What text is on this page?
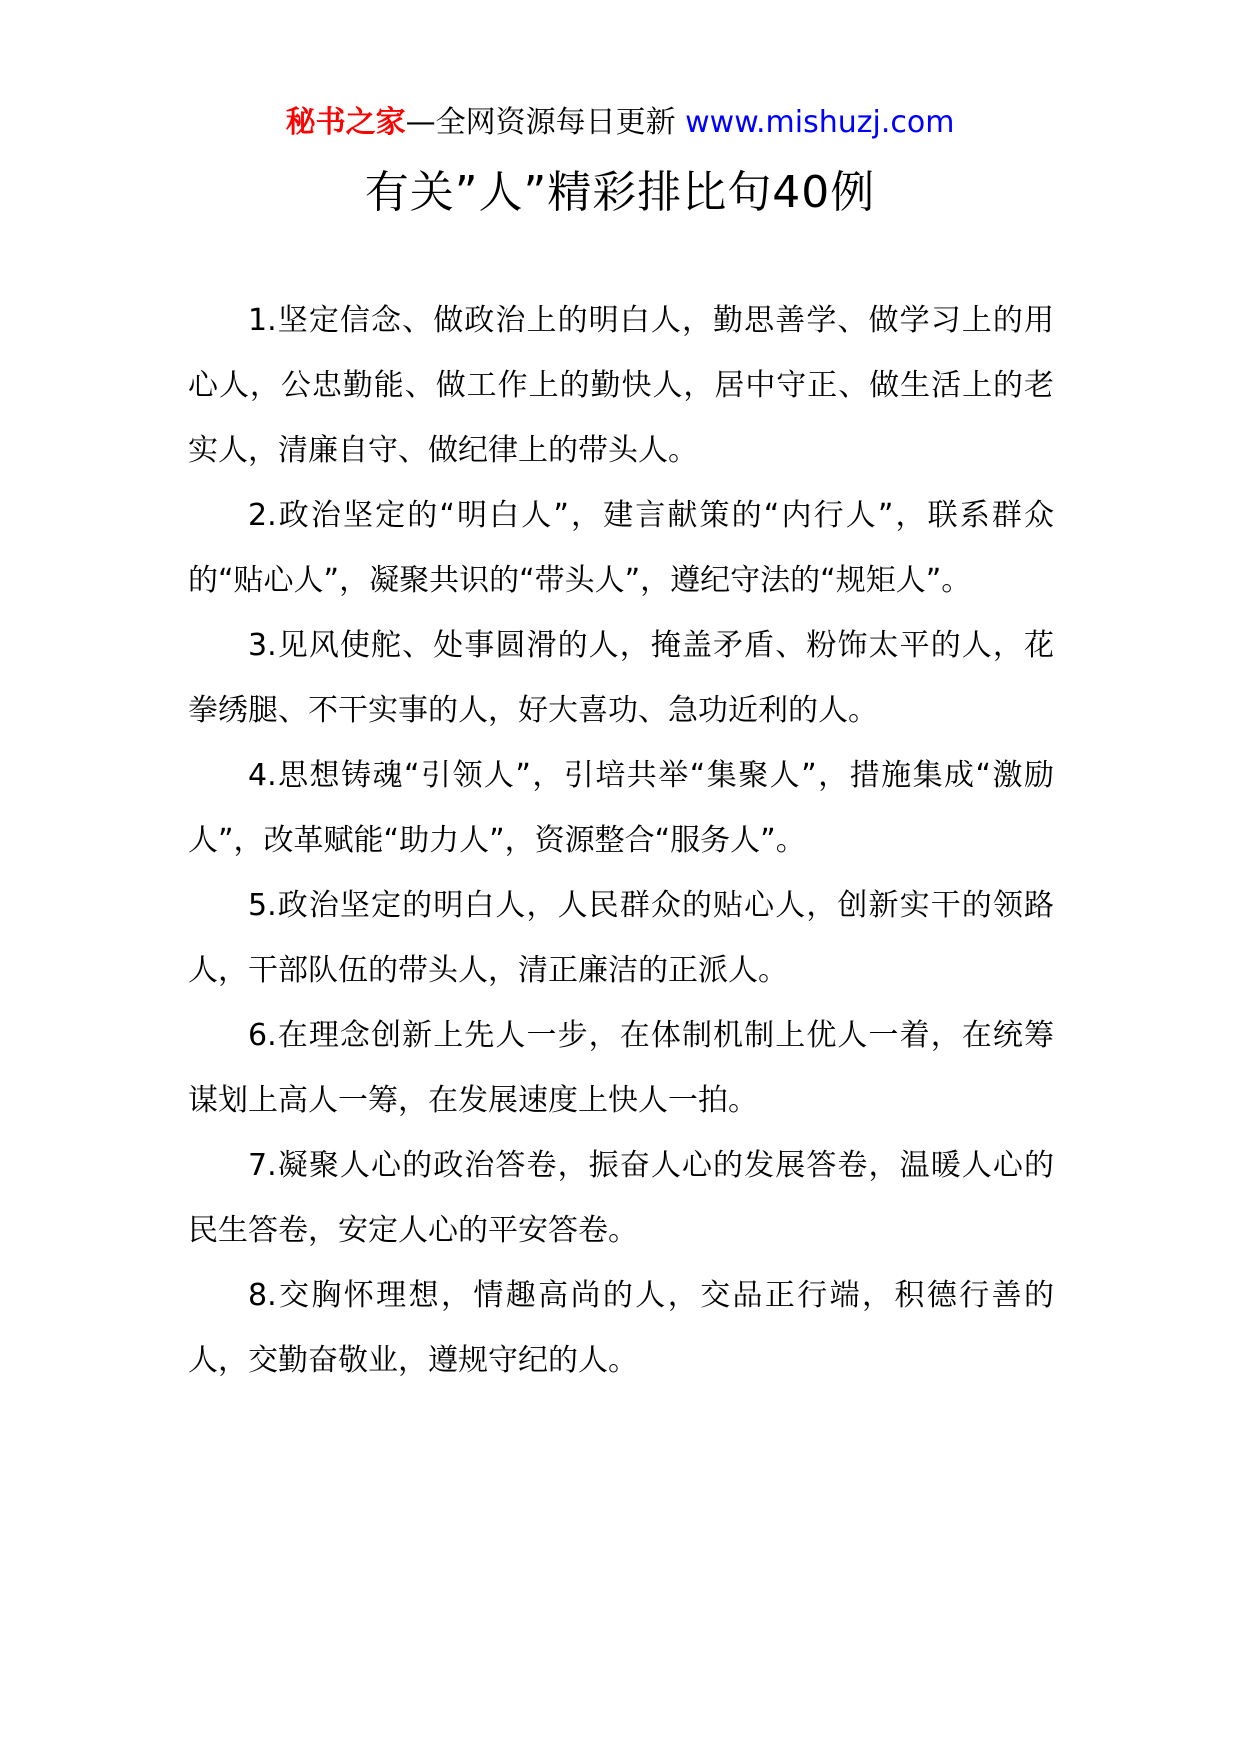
秘书之家—全网资源每日更新 www.mishuzj.com
有关”人”精彩排比句40例

1.坚定信念、做政治上的明白人，勤思善学、做学习上的用心人，公忠勤能、做工作上的勤快人，居中守正、做生活上的老实人，清廉自守、做纪律上的带头人。

2.政治坚定的“明白人”，建言献策的“内行人”，联系群众的“贴心人”，凝聚共识的“带头人”，遵纪守法的“规矩人”。

3.见风使舵、处事圆滑的人，掩盖矛盾、粉饰太平的人，花拳绣腿、不干实事的人，好大喜功、急功近利的人。

4.思想铸魂“引领人”，引培共举“集聚人”，措施集成“激励人”，改革赋能“助力人”，资源整合“服务人”。

5.政治坚定的明白人，人民群众的贴心人，创新实干的领路人，干部队伍的带头人，清正廉洁的正派人。

6.在理念创新上先人一步，在体制机制上优人一着，在统筹谋划上高人一筹，在发展速度上快人一拍。

7.凝聚人心的政治答卷，振奋人心的发展答卷，温暖人心的民生答卷，安定人心的平安答卷。

8.交胸怀理想，情趣高尚的人，交品正行端，积德行善的人，交勤奋敬业，遵规守纪的人。
